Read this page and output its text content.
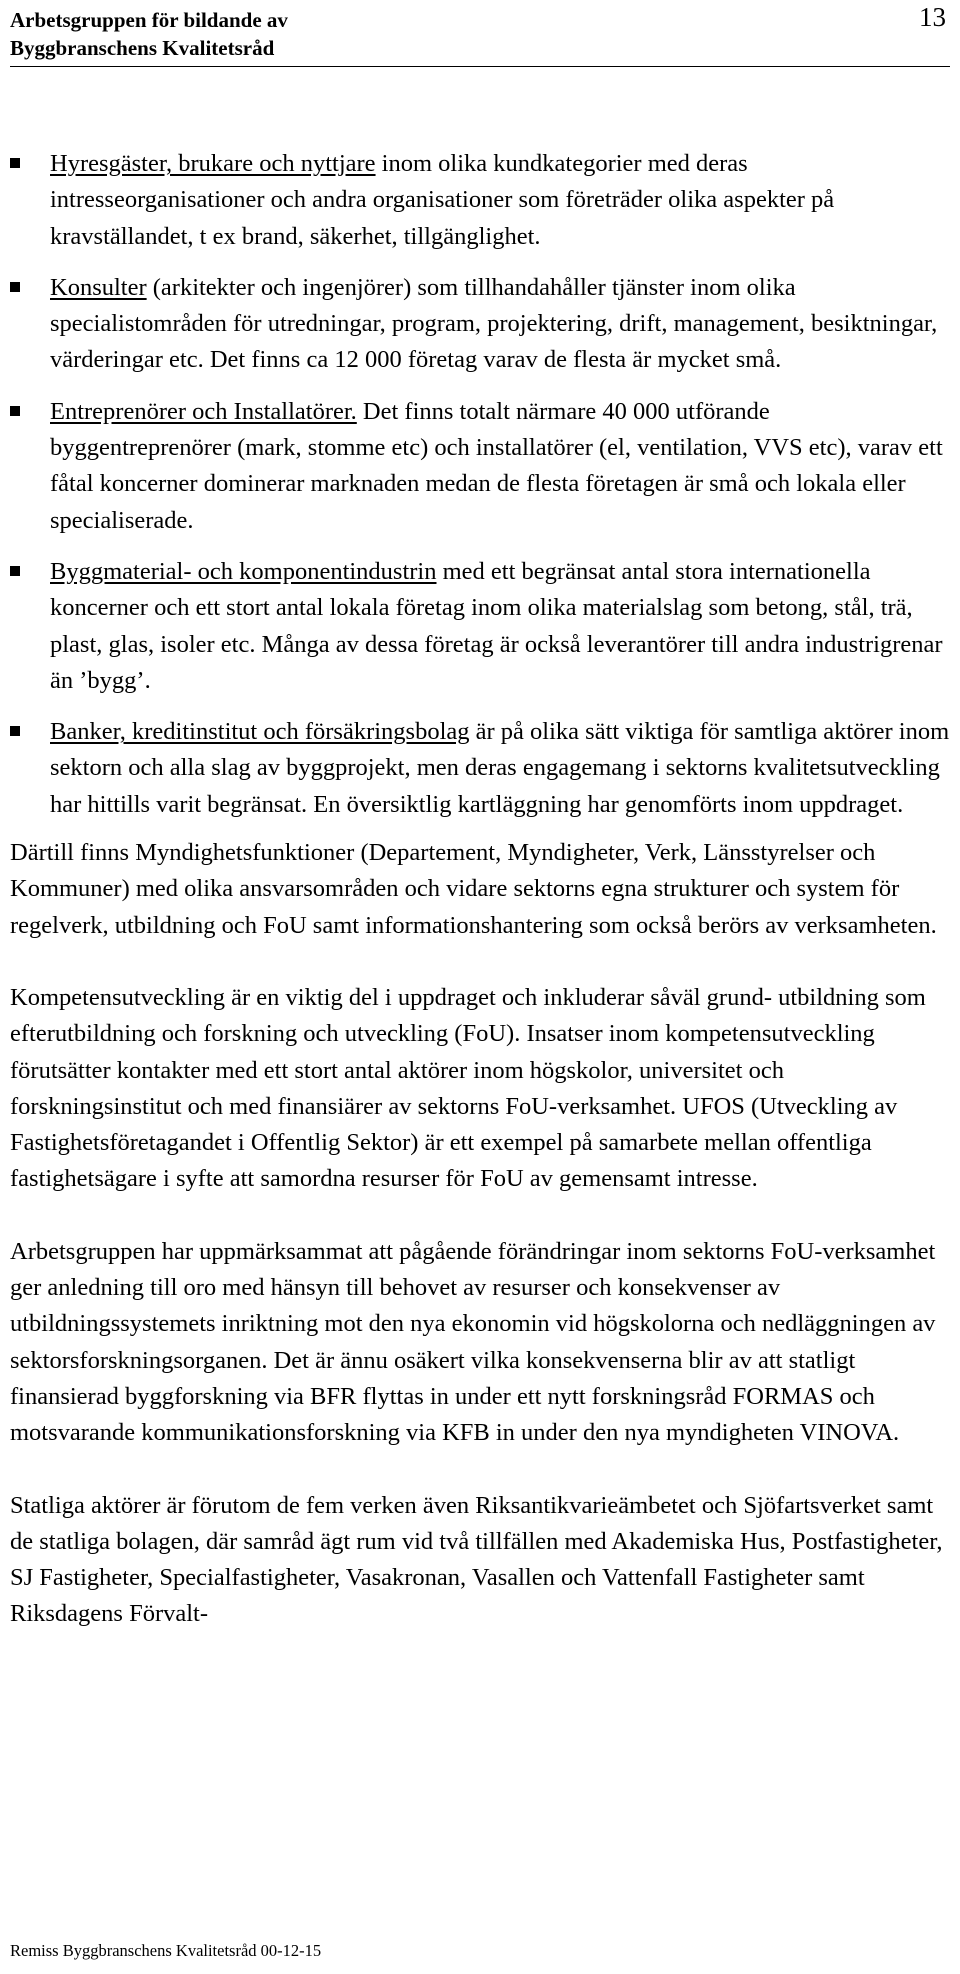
Arbetsgruppen för bildande av
Byggbranschens Kvalitetsråd
13
Hyresgäster, brukare och nyttjare inom olika kundkategorier med deras intresseorganisationer och andra organisationer som företräder olika aspekter på kravställandet, t ex brand, säkerhet, tillgänglighet.
Konsulter (arkitekter och ingenjörer) som tillhandahåller tjänster inom olika specialistområden för utredningar, program, projektering, drift, management, besiktningar, värderingar etc. Det finns ca 12 000 företag varav de flesta är mycket små.
Entreprenörer och Installatörer. Det finns totalt närmare 40 000 utförande byggentreprenörer (mark, stomme etc) och installatörer (el, ventilation, VVS etc), varav ett fåtal koncerner dominerar marknaden medan de flesta företagen är små och lokala eller specialiserade.
Byggmaterial- och komponentindustrin med ett begränsat antal stora internationella koncerner och ett stort antal lokala företag inom olika materialslag som betong, stål, trä, plast, glas, isoler etc. Många av dessa företag är också leverantörer till andra industrigrenar än ’bygg’.
Banker, kreditinstitut och försäkringsbolag är på olika sätt viktiga för samtliga aktörer inom sektorn och alla slag av byggprojekt, men deras engagemang i sektorns kvalitetsutveckling har hittills varit begränsat. En översiktlig kartläggning har genomförts inom uppdraget.

Därtill finns Myndighetsfunktioner (Departement, Myndigheter, Verk, Länsstyrelser och Kommuner) med olika ansvarsområden och vidare sektorns egna strukturer och system för regelverk, utbildning och FoU samt informationshantering som också berörs av verksamheten.

Kompetensutveckling är en viktig del i uppdraget och inkluderar såväl grund- utbildning som efterutbildning och forskning och utveckling (FoU). Insatser inom kompetensutveckling förutsätter kontakter med ett stort antal aktörer inom högskolor, universitet och forskningsinstitut och med finansiärer av sektorns FoU-verksamhet. UFOS (Utveckling av Fastighetsföretagandet i Offentlig Sektor) är ett exempel på samarbete mellan offentliga fastighetsägare i syfte att samordna resurser för FoU av gemensamt intresse.

Arbetsgruppen har uppmärksammat att pågående förändringar inom sektorns FoU-verksamhet ger anledning till oro med hänsyn till behovet av resurser och konsekvenser av utbildningssystemets inriktning mot den nya ekonomin vid högskolorna och nedläggningen av sektorsforskningsorganen. Det är ännu osäkert vilka konsekvenserna blir av att statligt finansierad byggforskning via BFR flyttas in under ett nytt forskningsråd FORMAS och motsvarande kommunikationsforskning via KFB in under den nya myndigheten VINOVA.

Statliga aktörer är förutom de fem verken även Riksantikvarieämbetet och Sjöfartsverket samt de statliga bolagen, där samråd ägt rum vid två tillfällen med Akademiska Hus, Postfastigheter, SJ Fastigheter, Specialfastigheter, Vasakronan, Vasallen och Vattenfall Fastigheter samt Riksdagens Förvalt-

Remiss Byggbranschens Kvalitetsråd 00-12-15
